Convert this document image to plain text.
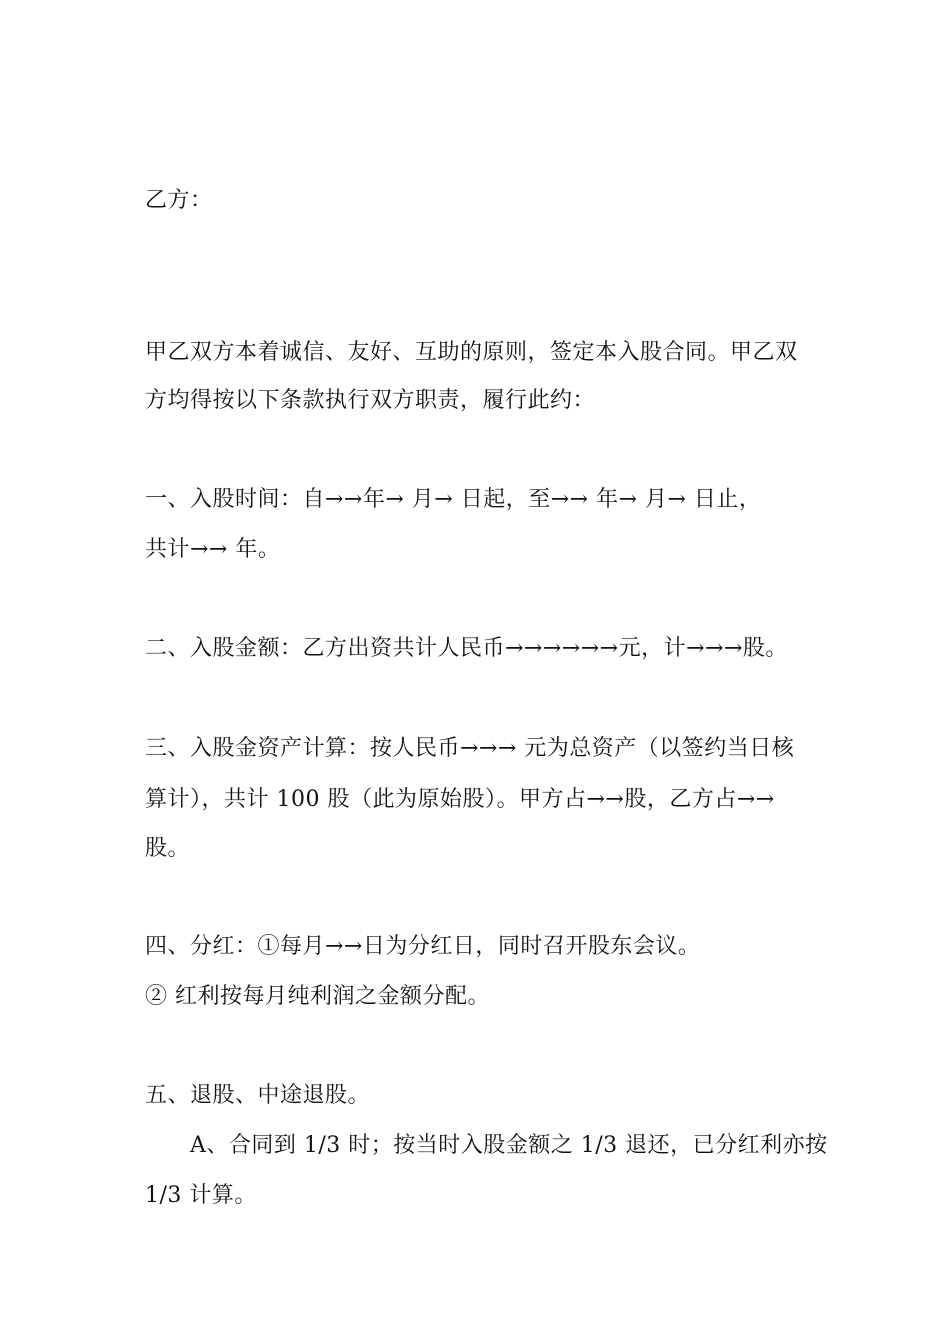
乙方：
甲乙双方本着诚信、友好、互助的原则，签定本入股合同。甲乙双
方均得按以下条款执行双方职责，履行此约：
一、入股时间：自→→年→ 月→ 日起，至→→ 年→ 月→ 日止，
共计→→ 年。
二、入股金额：乙方出资共计人民币→→→→→→元，计→→→股。
三、入股金资产计算：按人民币→→→ 元为总资产（以签约当日核
算计），共计 100 股（此为原始股）。甲方占→→股，乙方占→→
股。
四、分红：①每月→→日为分红日，同时召开股东会议。
② 红利按每月纯利润之金额分配。
五、退股、中途退股。
A、合同到 1/3 时；按当时入股金额之 1/3 退还，已分红利亦按
1/3 计算。
